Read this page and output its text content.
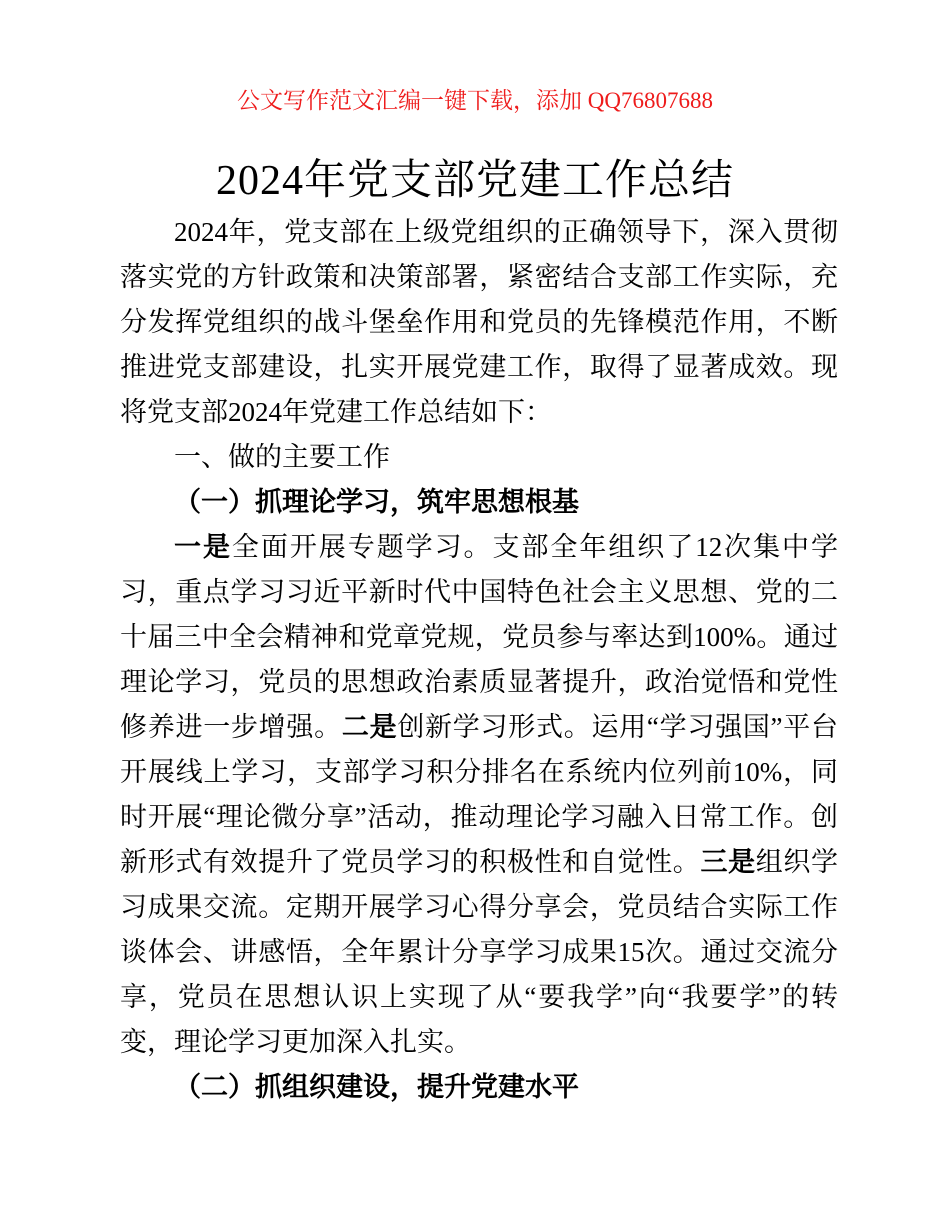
公文写作范文汇编一键下载，添加 QQ76807688
2024年党支部党建工作总结

2024年，党支部在上级党组织的正确领导下，深入贯彻落实党的方针政策和决策部署，紧密结合支部工作实际，充分发挥党组织的战斗堡垒作用和党员的先锋模范作用，不断推进党支部建设，扎实开展党建工作，取得了显著成效。现将党支部2024年党建工作总结如下：

一、做的主要工作

（一）抓理论学习，筑牢思想根基

一是全面开展专题学习。支部全年组织了12次集中学习，重点学习习近平新时代中国特色社会主义思想、党的二十届三中全会精神和党章党规，党员参与率达到100%。通过理论学习，党员的思想政治素质显著提升，政治觉悟和党性修养进一步增强。二是创新学习形式。运用“学习强国”平台开展线上学习，支部学习积分排名在系统内位列前10%，同时开展“理论微分享”活动，推动理论学习融入日常工作。创新形式有效提升了党员学习的积极性和自觉性。三是组织学习成果交流。定期开展学习心得分享会，党员结合实际工作谈体会、讲感悟，全年累计分享学习成果15次。通过交流分享，党员在思想认识上实现了从“要我学”向“我要学”的转变，理论学习更加深入扎实。

（二）抓组织建设，提升党建水平
